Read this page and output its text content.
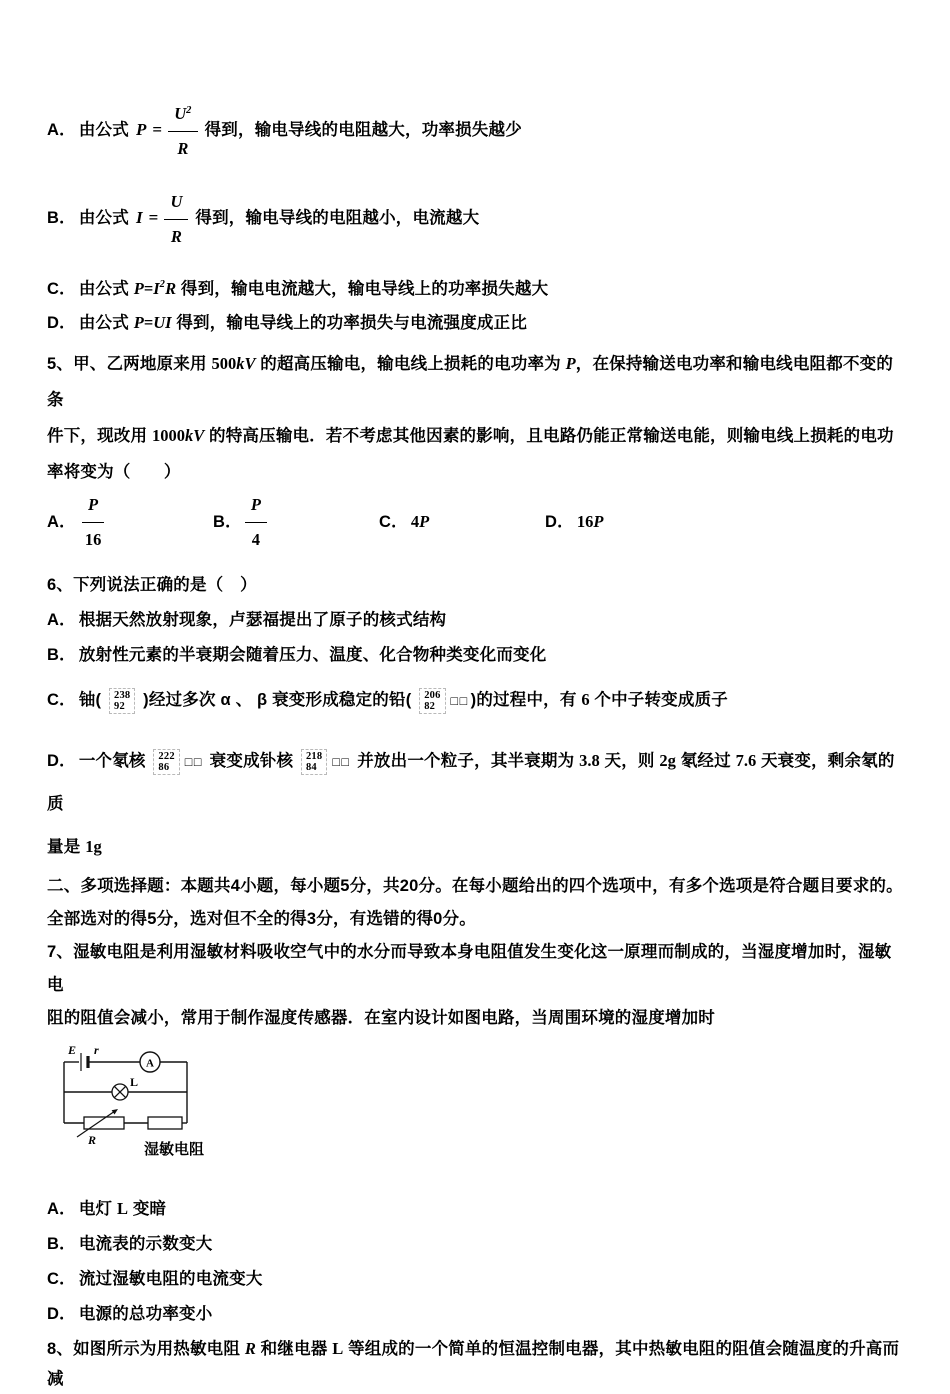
A． 由公式 $P = \frac{U^2}{R}$ 得到，输电导线的电阻越大，功率损失越少
B． 由公式 $I = \frac{U}{R}$ 得到，输电导线的电阻越小，电流越大
C． 由公式 $P=I^2R$ 得到，输电电流越大，输电导线上的功率损失越大
D． 由公式 P=UI 得到，输电导线上的功率损失与电流强度成正比
5、甲、乙两地原来用 500kV 的超高压输电，输电线上损耗的电功率为 P，在保持输送电功率和输电线电阻都不变的条
件下，现改用 1000kV 的特高压输电．若不考虑其他因素的影响，且电路仍能正常输送电能，则输电线上损耗的电功
率将变为（　　）
A． $\frac{P}{16}$	B． $\frac{P}{4}$	C． 4P	D． 16P
6、下列说法正确的是（　）
A． 根据天然放射现象，卢瑟福提出了原子的核式结构
B． 放射性元素的半衰期会随着压力、温度、化合物种类变化而变化
C． 铀( 238
92 )经过多次 α 、 β 衰变形成稳定的铅( 206
82	□□ )的过程中，有 6 个中子转变成质子
D． 一个氡核 222
86	□□ 衰变成钋核 218
84	□□ 并放出一个粒子，其半衰期为 3.8 天，则 2g 氡经过 7.6 天衰变，剩余氡的质
量是 1g
二、多项选择题：本题共4小题，每小题5分，共20分。在每小题给出的四个选项中，有多个选项是符合题目要求的。
全部选对的得5分，选对但不全的得3分，有选错的得0分。
7、湿敏电阻是利用湿敏材料吸收空气中的水分而导致本身电阻值发生变化这一原理而制成的，当湿度增加时，湿敏电
阻的阻值会减小，常用于制作湿度传感器．在室内设计如图电路，当周围环境的湿度增加时
A
E r
L
R
湿敏电阻
A． 电灯 L 变暗
B． 电流表的示数变大
C． 流过湿敏电阻的电流变大
D． 电源的总功率变小
8、如图所示为用热敏电阻 R 和继电器 L 等组成的一个简单的恒温控制电器，其中热敏电阻的阻值会随温度的升高而减
